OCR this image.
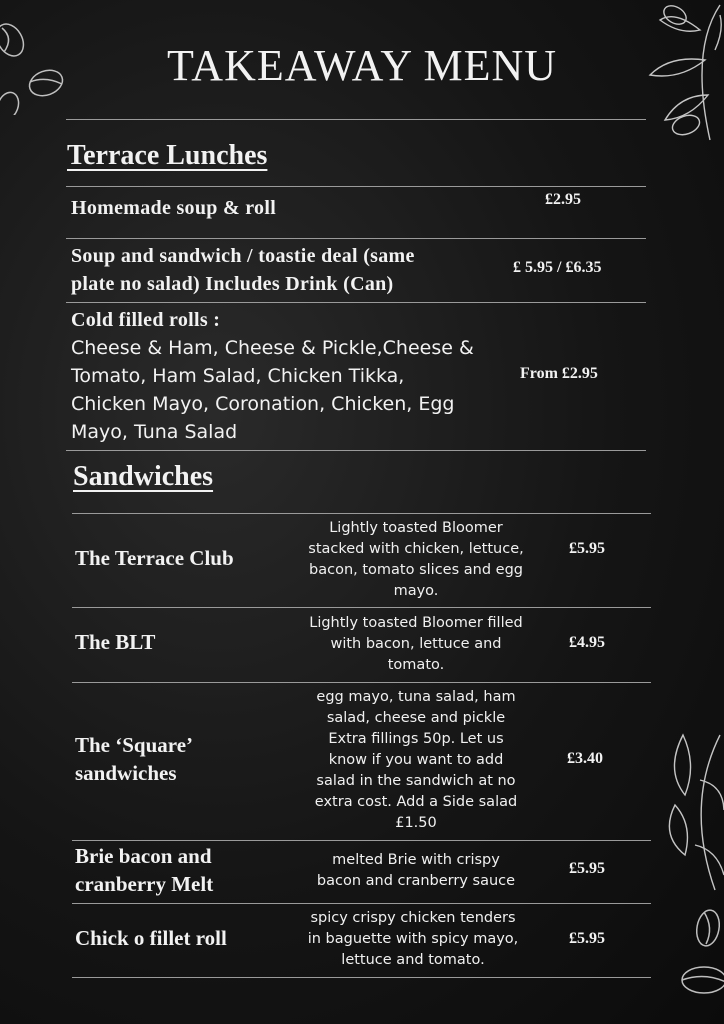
TAKEAWAY MENU
Terrace Lunches
Homemade soup & roll	£2.95
Soup and sandwich / toastie deal (same
plate no salad) Includes Drink (Can)
£ 5.95 / £6.35
Cold filled rolls :
Cheese & Ham, Cheese & Pickle,Cheese &
Tomato, Ham Salad, Chicken Tikka,
Chicken Mayo, Coronation, Chicken, Egg
Mayo, Tuna Salad
From £2.95
Sandwiches
The Terrace Club
Lightly toasted Bloomer
stacked with chicken, lettuce,
bacon, tomato slices and egg
mayo.
£5.95
The BLT
Lightly toasted Bloomer filled
with bacon, lettuce and
tomato.
£4.95
The ‘Square’
sandwiches
egg mayo, tuna salad, ham
salad, cheese and pickle
Extra fillings 50p. Let us
know if you want to add
salad in the sandwich at no
extra cost. Add a Side salad
£1.50
£3.40
Brie bacon and
cranberry Melt
melted Brie with crispy
bacon and cranberry sauce
£5.95
Chick o fillet roll
spicy crispy chicken tenders
in baguette with spicy mayo,
lettuce and tomato.
£5.95
